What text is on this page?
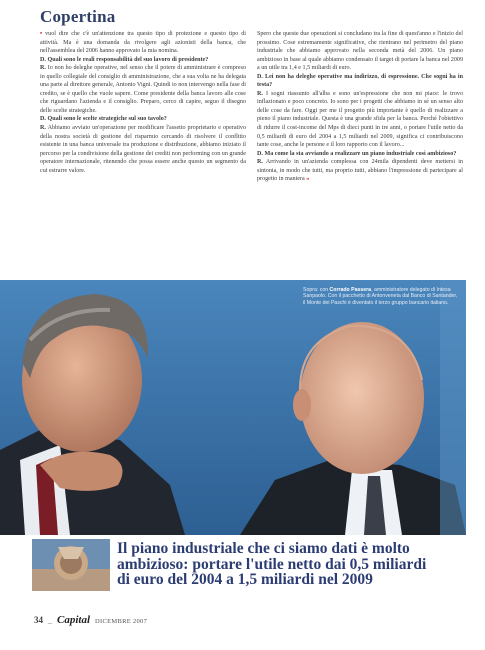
Copertina

• vuol dire che c'è un'attenzione tra questo tipo di protezione e questo tipo di attività. Ma è una domanda da rivolgere agli azionisti della banca, che nell'assemblea del 2006 hanno approvato la mia nomina.

D. Quali sono le reali responsabilità del suo lavoro di presidente?

R. Io non ho deleghe operative, nel senso che il potere di amministrare è compreso in quello collegiale del consiglio di amministrazione, che a sua volta ne ha delegata una parte al direttore generale, Antonio Vigni. Quindi io non intervengo nella fase di credito, se è quello che vuole sapere. Come presidente della banca lavoro alle cose che riguardano l'azienda e il consiglio. Preparo, cerco di capire, seguo il disegno delle scelte strategiche.

D. Quali sono le scelte strategiche sul suo tavolo?

R. Abbiamo avviato un'operazione per modificare l'assetto proprietario e operativo della nostra società di gestione del risparmio cercando di risolvere il conflitto esistente in una banca universale tra produzione e distribuzione, abbiamo iniziato il percorso per la condivisione della gestione dei crediti non performing con un grande operatore internazionale, ritenendo che possa essere anche questo un segmento da cui estrarre valore.

Spero che queste due operazioni si concludano tra la fine di quest'anno e l'inizio del prossimo. Cose estremamente significative, che rientrano nel perimetro del piano industriale che abbiamo approvato nella seconda metà del 2006. Un piano ambizioso in base al quale abbiamo condensato il target di portare la banca nel 2009 a un utile tra 1,4 e 1,5 miliardi di euro.

D. Lei non ha deleghe operative ma indirizzo, di espressione. Che sogni ha in testa?

R. I sogni riassunto all'alba e sono un'espressione che non mi piace: le trovo inflazionato e poco concreto. Io sono per i progetti che abbiamo in sé un senso alto delle cose da fare. Oggi per me il progetto più importante è quello di realizzare a pieno il piano industriale. Questa è una grande sfida per la banca. Perché l'obiettivo di ridurre il cost-income del Mps di dieci punti in tre anni, o portare l'utile netto da 0,5 miliardi di euro del 2004 a 1,5 miliardi nel 2009, significa ci contribuiscono tante cose, anche le persone e il loro rapporto con il lavoro...

D. Ma come la sta avviando a realizzare un piano industriale così ambizioso?

R. Arrivando in un'azienda complessa con 24mila dipendenti deve mettersi in sintonia, in modo che tutti, ma proprio tutti, abbiano l'impressione di partecipare al progetto in maniera »

Sopra: con Corrado Passera, amministratore delegato di Intesa Sanpaolo. Con il pacchetto di Antonveneta dal Banco di Santander, il Monte dei Paschi è diventato il terzo gruppo bancario italiano.
Il piano industriale che ci siamo dati è molto ambizioso: portare l'utile netto dai 0,5 miliardi di euro del 2004 a 1,5 miliardi nel 2009
34 _ Capital DICEMBRE 2007
